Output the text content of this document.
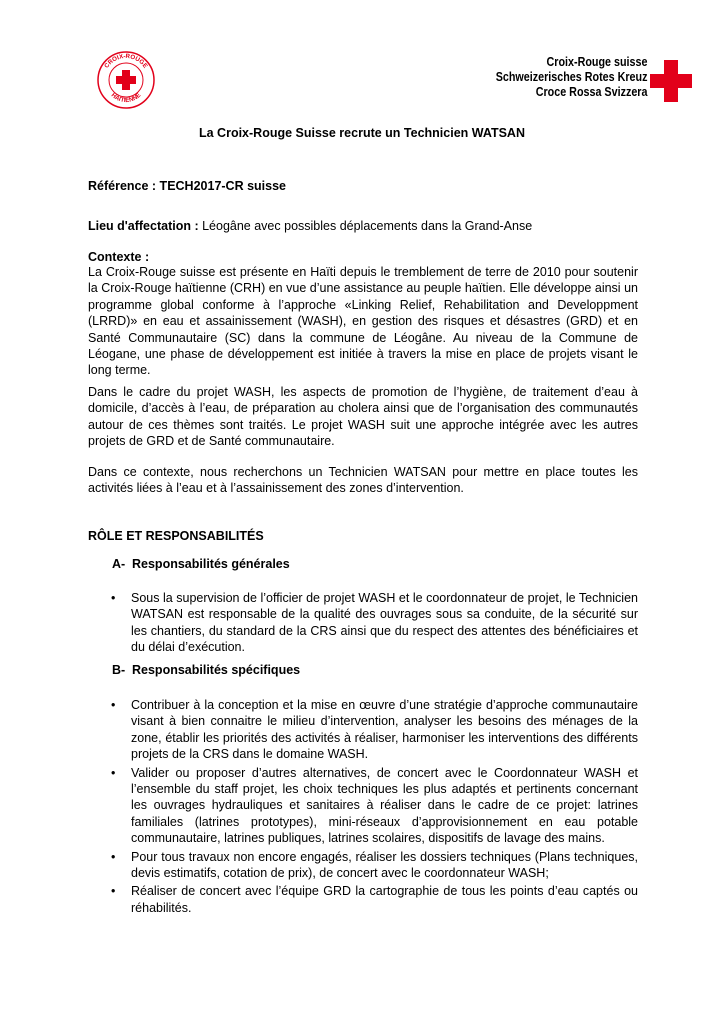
CROIX-ROUGE
HAÏTIENNE
Croix-Rouge suisse
Schweizerisches Rotes Kreuz
Croce Rossa Svizzera
La Croix-Rouge Suisse recrute un Technicien WATSAN
Référence : TECH2017-CR suisse
Lieu d'affectation : Léogâne avec possibles déplacements dans la Grand-Anse
Contexte :
La Croix-Rouge suisse est présente en Haïti depuis le tremblement de terre de 2010 pour soutenir la Croix-Rouge haïtienne (CRH) en vue d’une assistance au peuple haïtien. Elle développe ainsi un programme global conforme à l’approche «Linking Relief, Rehabilitation and Developpment (LRRD)» en eau et assainissement (WASH), en gestion des risques et désastres (GRD) et en Santé Communautaire (SC) dans la commune de Léogâne. Au niveau de la Commune de Léogane, une phase de développement est initiée à travers la mise en place de projets visant le long terme.
Dans le cadre du projet WASH, les aspects de promotion de l’hygiène, de traitement d’eau à domicile, d’accès à l’eau, de préparation au cholera ainsi que de l’organisation des communautés autour de ces thèmes sont traités. Le projet WASH suit une approche intégrée avec les autres projets de GRD et de Santé communautaire.
Dans ce contexte, nous recherchons un Technicien WATSAN pour mettre en place toutes les activités liées à l’eau et à l’assainissement des zones d’intervention.
RÔLE ET RESPONSABILITÉS
A- Responsabilités générales
• Sous la supervision de l’officier de projet WASH et le coordonnateur de projet, le Technicien WATSAN est responsable de la qualité des ouvrages sous sa conduite, de la sécurité sur les chantiers, du standard de la CRS ainsi que du respect des attentes des bénéficiaires et du délai d’exécution.
B- Responsabilités spécifiques
• Contribuer à la conception et la mise en œuvre d’une stratégie d’approche communautaire visant à bien connaitre le milieu d’intervention, analyser les besoins des ménages de la zone, établir les priorités des activités à réaliser, harmoniser les interventions des différents projets de la CRS dans le domaine WASH.
• Valider ou proposer d’autres alternatives, de concert avec le Coordonnateur WASH et l’ensemble du staff projet, les choix techniques les plus adaptés et pertinents concernant les ouvrages hydrauliques et sanitaires à réaliser dans le cadre de ce projet: latrines familiales (latrines prototypes), mini-réseaux d’approvisionnement en eau potable communautaire, latrines publiques, latrines scolaires, dispositifs de lavage des mains.
• Pour tous travaux non encore engagés, réaliser les dossiers techniques (Plans techniques, devis estimatifs, cotation de prix), de concert avec le coordonnateur WASH;
• Réaliser de concert avec l’équipe GRD la cartographie de tous les points d’eau captés ou réhabilités.
